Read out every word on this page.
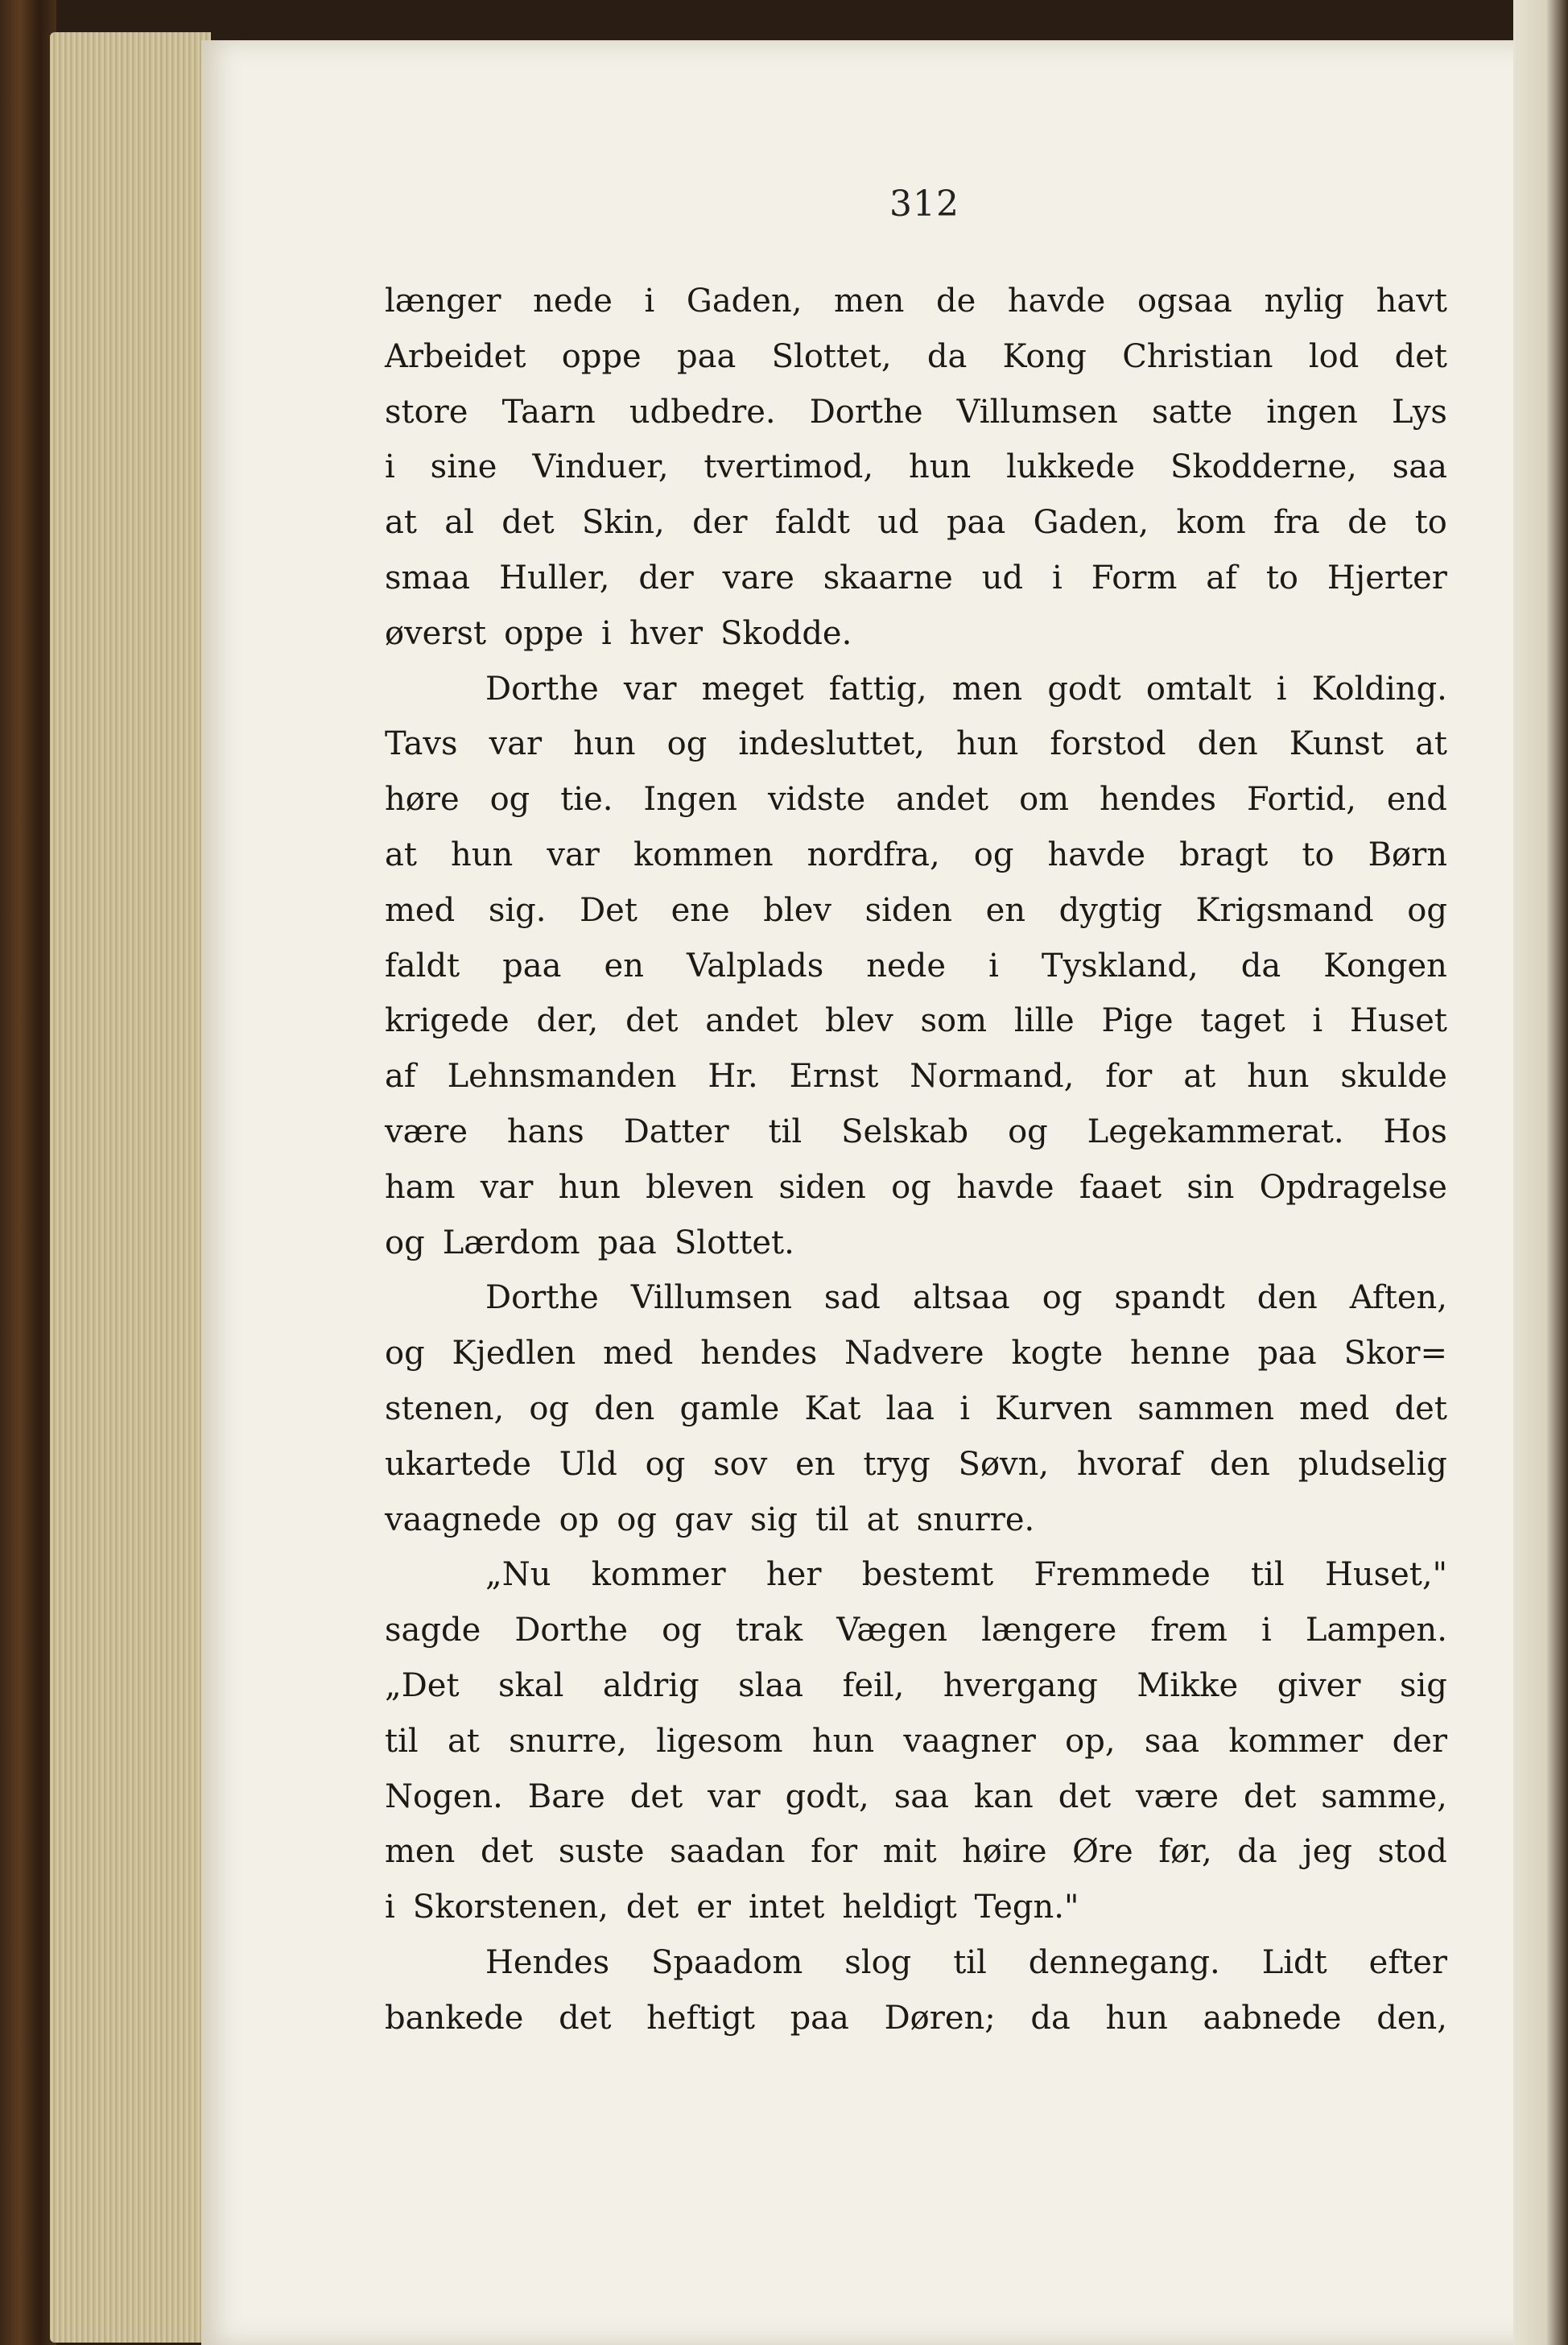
312
længer nede i Gaden, men de havde ogsaa nylig havt
Arbeidet oppe paa Slottet, da Kong Christian lod det
store Taarn udbedre. Dorthe Villumsen satte ingen Lys
i sine Vinduer, tvertimod, hun lukkede Skodderne, saa
at al det Skin, der faldt ud paa Gaden, kom fra de to
smaa Huller, der vare skaarne ud i Form af to Hjerter
øverst oppe i hver Skodde.
Dorthe var meget fattig, men godt omtalt i Kolding.
Tavs var hun og indesluttet, hun forstod den Kunst at
høre og tie. Ingen vidste andet om hendes Fortid, end
at hun var kommen nordfra, og havde bragt to Børn
med sig. Det ene blev siden en dygtig Krigsmand og
faldt paa en Valplads nede i Tyskland, da Kongen
krigede der, det andet blev som lille Pige taget i Huset
af Lehnsmanden Hr. Ernst Normand, for at hun skulde
være hans Datter til Selskab og Legekammerat. Hos
ham var hun bleven siden og havde faaet sin Opdragelse
og Lærdom paa Slottet.
Dorthe Villumsen sad altsaa og spandt den Aften,
og Kjedlen med hendes Nadvere kogte henne paa Skor=
stenen, og den gamle Kat laa i Kurven sammen med det
ukartede Uld og sov en tryg Søvn, hvoraf den pludselig
vaagnede op og gav sig til at snurre.
„Nu kommer her bestemt Fremmede til Huset,"
sagde Dorthe og trak Vægen længere frem i Lampen.
„Det skal aldrig slaa feil, hvergang Mikke giver sig
til at snurre, ligesom hun vaagner op, saa kommer der
Nogen. Bare det var godt, saa kan det være det samme,
men det suste saadan for mit høire Øre før, da jeg stod
i Skorstenen, det er intet heldigt Tegn."
Hendes Spaadom slog til dennegang. Lidt efter
bankede det heftigt paa Døren; da hun aabnede den,
